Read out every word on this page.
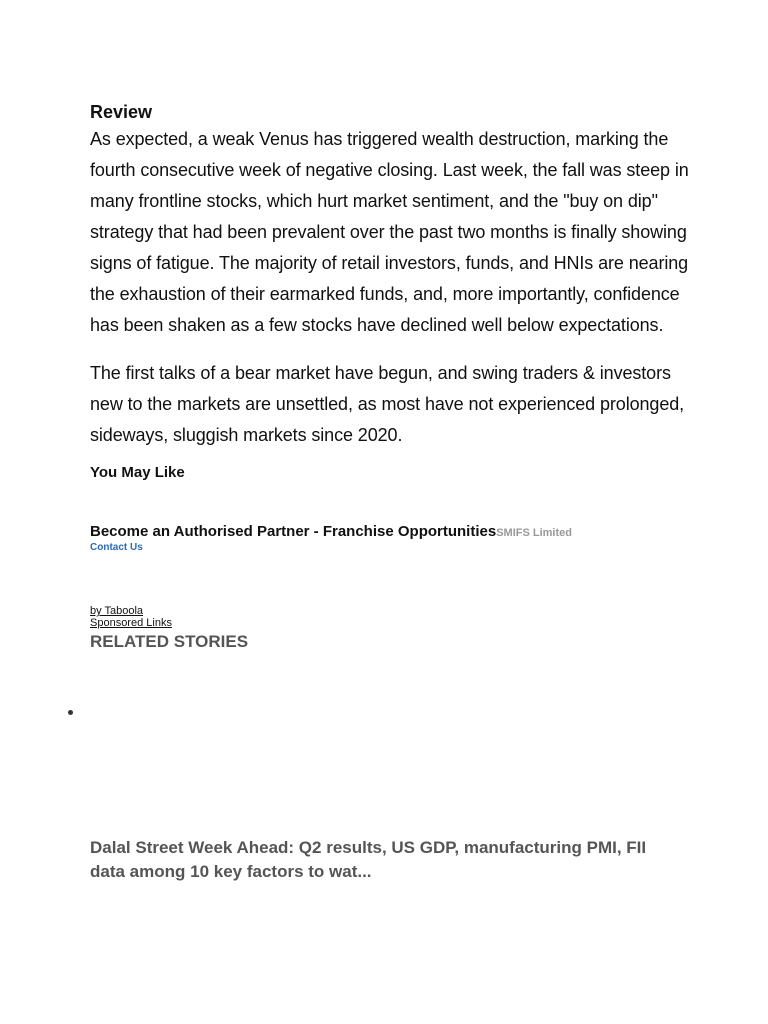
Review

As expected, a weak Venus has triggered wealth destruction, marking the fourth consecutive week of negative closing. Last week, the fall was steep in many frontline stocks, which hurt market sentiment, and the "buy on dip" strategy that had been prevalent over the past two months is finally showing signs of fatigue. The majority of retail investors, funds, and HNIs are nearing the exhaustion of their earmarked funds, and, more importantly, confidence has been shaken as a few stocks have declined well below expectations.

The first talks of a bear market have begun, and swing traders & investors new to the markets are unsettled, as most have not experienced prolonged, sideways, sluggish markets since 2020.

You May Like
Become an Authorised Partner - Franchise OpportunitiesSMIFS Limited
Contact Us
by Taboola
Sponsored Links
RELATED STORIES
Dalal Street Week Ahead: Q2 results, US GDP, manufacturing PMI, FII data among 10 key factors to wat...
